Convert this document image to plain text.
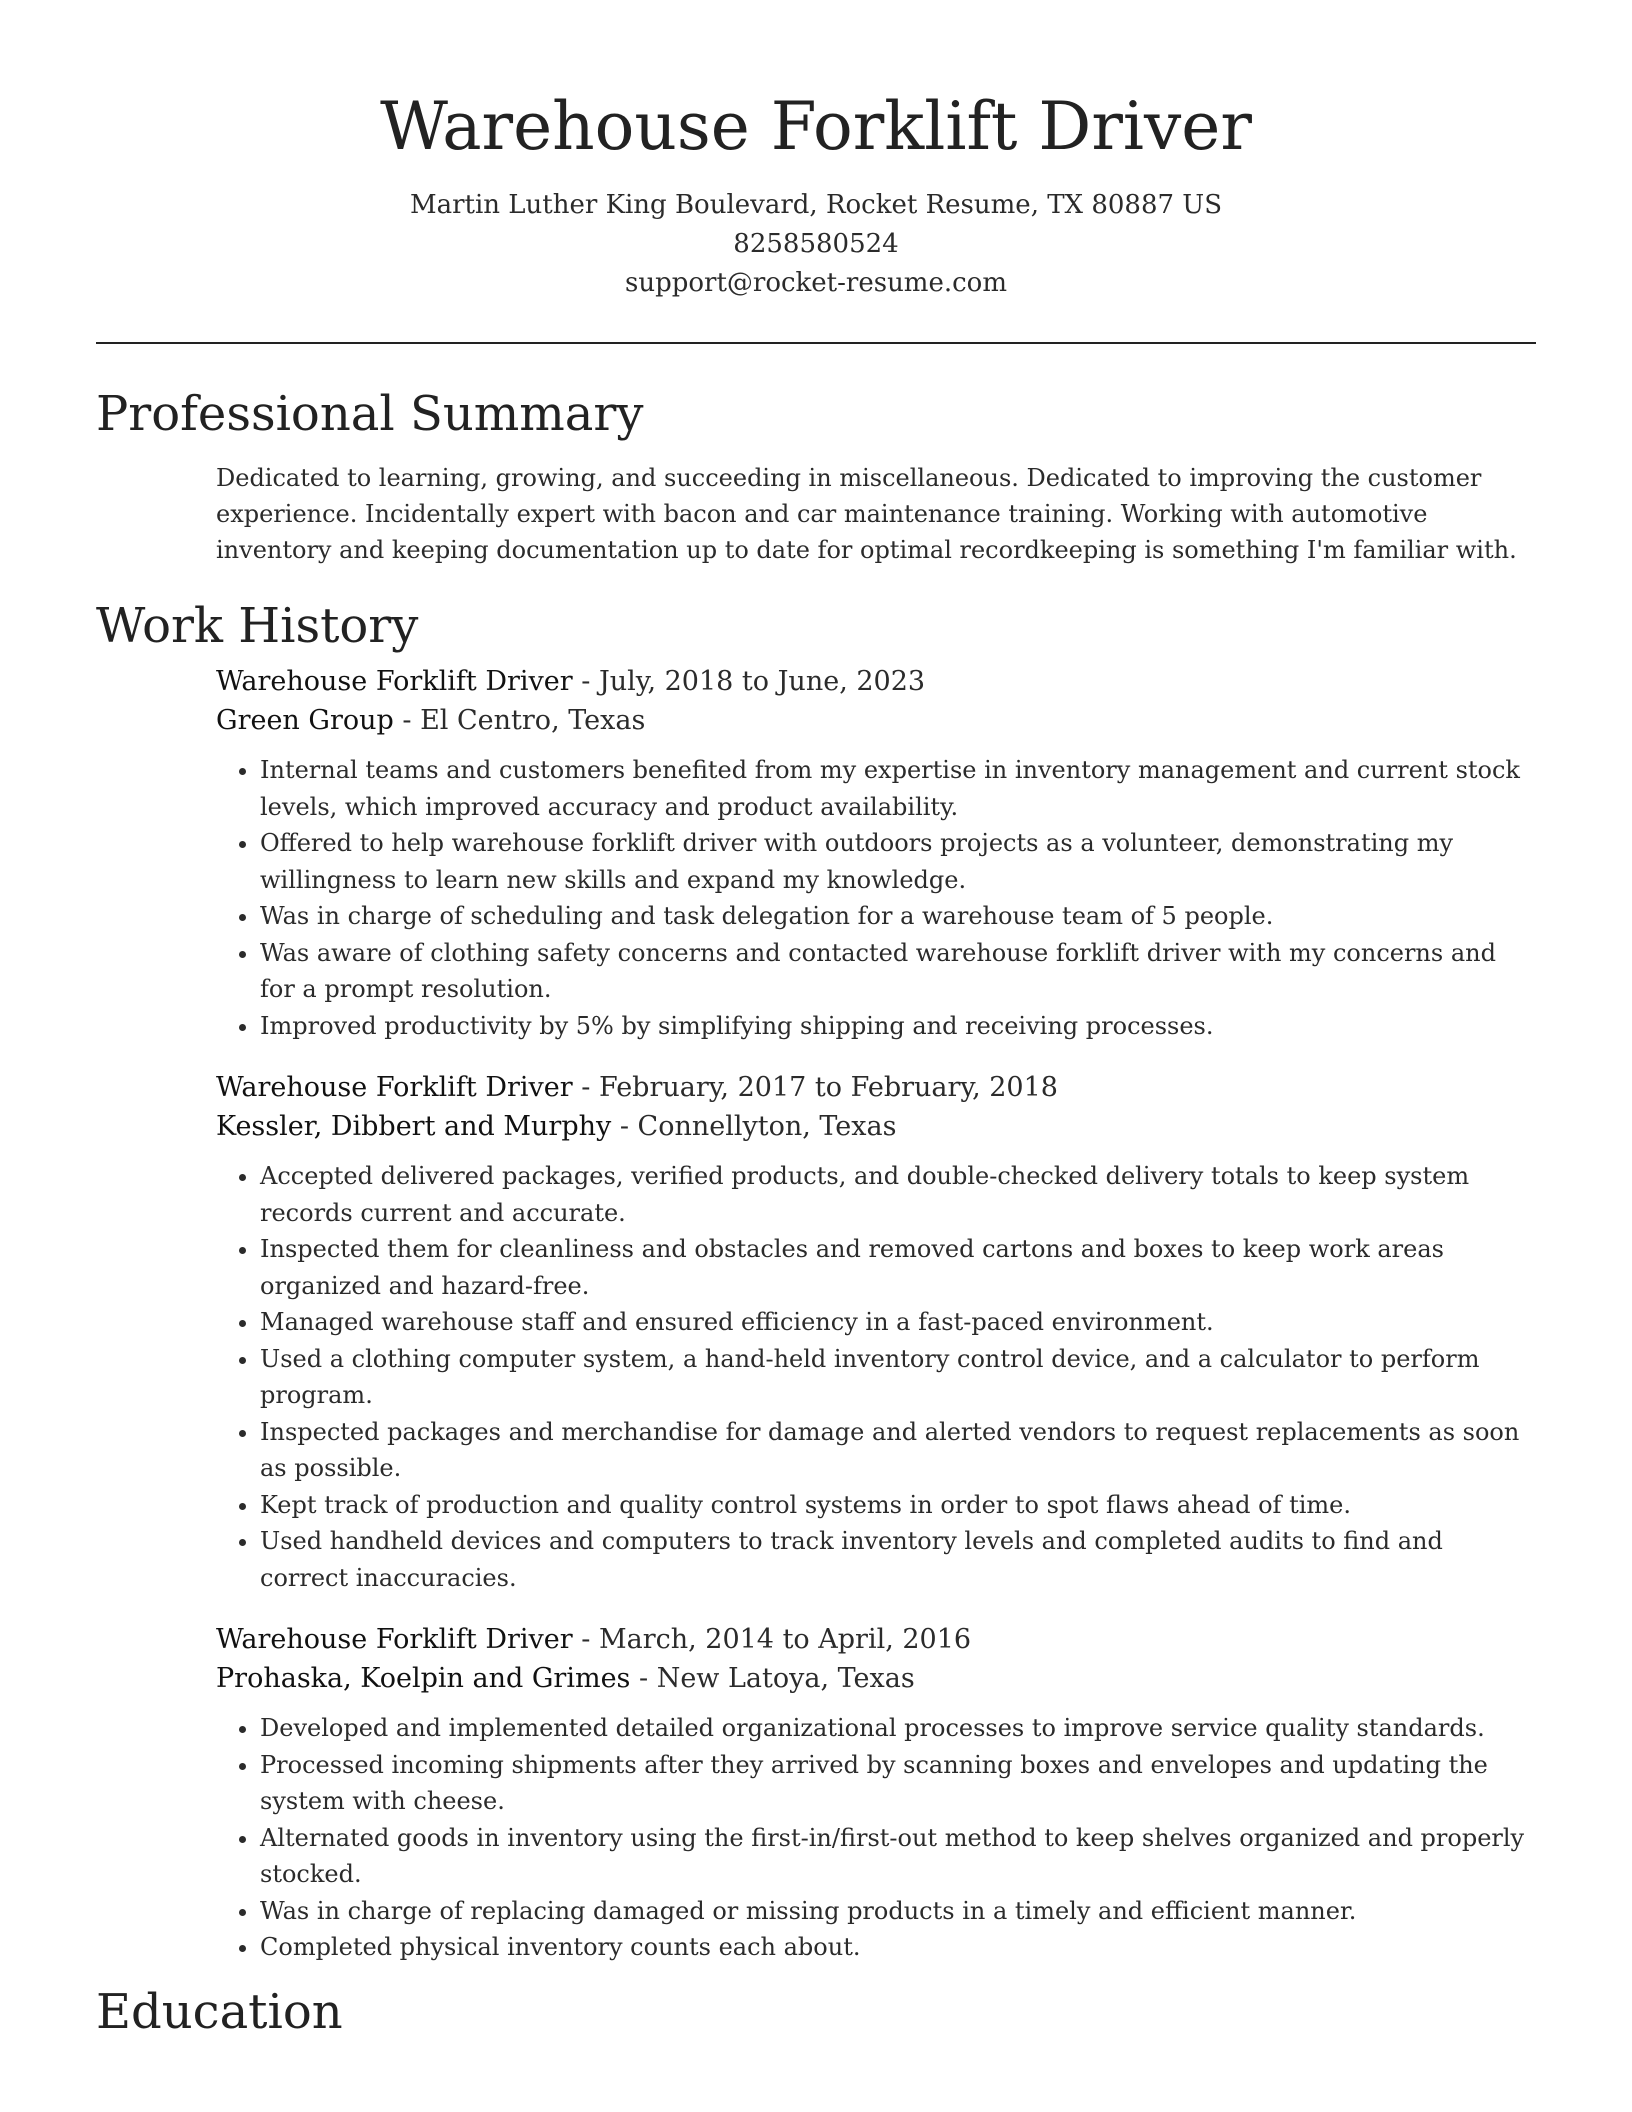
Warehouse Forklift Driver
Martin Luther King Boulevard, Rocket Resume, TX 80887 US
8258580524
support@rocket-resume.com
Professional Summary

Dedicated to learning, growing, and succeeding in miscellaneous. Dedicated to improving the customer experience. Incidentally expert with bacon and car maintenance training. Working with automotive inventory and keeping documentation up to date for optimal recordkeeping is something I'm familiar with.

Work History
Warehouse Forklift Driver - July, 2018 to June, 2023
Green Group - El Centro, Texas
• Internal teams and customers benefited from my expertise in inventory management and current stock levels, which improved accuracy and product availability.
• Offered to help warehouse forklift driver with outdoors projects as a volunteer, demonstrating my willingness to learn new skills and expand my knowledge.
• Was in charge of scheduling and task delegation for a warehouse team of 5 people.
• Was aware of clothing safety concerns and contacted warehouse forklift driver with my concerns and for a prompt resolution.
• Improved productivity by 5% by simplifying shipping and receiving processes.
Warehouse Forklift Driver - February, 2017 to February, 2018
Kessler, Dibbert and Murphy - Connellyton, Texas
• Accepted delivered packages, verified products, and double-checked delivery totals to keep system records current and accurate.
• Inspected them for cleanliness and obstacles and removed cartons and boxes to keep work areas organized and hazard-free.
• Managed warehouse staff and ensured efficiency in a fast-paced environment.
• Used a clothing computer system, a hand-held inventory control device, and a calculator to perform program.
• Inspected packages and merchandise for damage and alerted vendors to request replacements as soon as possible.
• Kept track of production and quality control systems in order to spot flaws ahead of time.
• Used handheld devices and computers to track inventory levels and completed audits to find and correct inaccuracies.
Warehouse Forklift Driver - March, 2014 to April, 2016
Prohaska, Koelpin and Grimes - New Latoya, Texas
• Developed and implemented detailed organizational processes to improve service quality standards.
• Processed incoming shipments after they arrived by scanning boxes and envelopes and updating the system with cheese.
• Alternated goods in inventory using the first-in/first-out method to keep shelves organized and properly stocked.
• Was in charge of replacing damaged or missing products in a timely and efficient manner.
• Completed physical inventory counts each about.
Education
